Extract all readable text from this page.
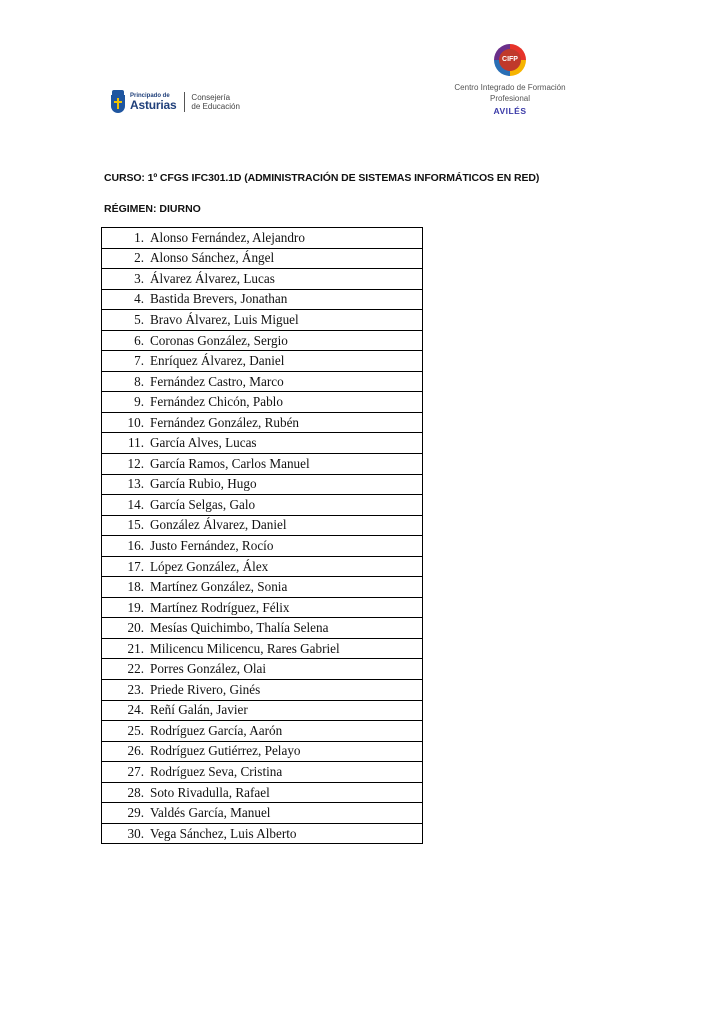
Principado de
Asturias
Consejería
de Educación
CIFP
Centro Integrado de Formación
Profesional
AVILÉS
CURSO: 1º CFGS IFC301.1D (ADMINISTRACIÓN DE SISTEMAS INFORMÁTICOS EN RED)
RÉGIMEN: DIURNO
1. Alonso Fernández, Alejandro
2. Alonso Sánchez, Ángel
3. Álvarez Álvarez, Lucas
4. Bastida Brevers, Jonathan
5. Bravo Álvarez, Luis Miguel
6. Coronas González, Sergio
7. Enríquez Álvarez, Daniel
8. Fernández Castro, Marco
9. Fernández Chicón, Pablo
10. Fernández González, Rubén
11. García Alves, Lucas
12. García Ramos, Carlos Manuel
13. García Rubio, Hugo
14. García Selgas, Galo
15. González Álvarez, Daniel
16. Justo Fernández, Rocío
17. López González, Álex
18. Martínez González, Sonia
19. Martínez Rodríguez, Félix
20. Mesías Quichimbo, Thalía Selena
21. Milicencu Milicencu, Rares Gabriel
22. Porres González, Olai
23. Priede Rivero, Ginés
24. Reñí Galán, Javier
25. Rodríguez García, Aarón
26. Rodríguez Gutiérrez, Pelayo
27. Rodríguez Seva, Cristina
28. Soto Rivadulla, Rafael
29. Valdés García, Manuel
30. Vega Sánchez, Luis Alberto
